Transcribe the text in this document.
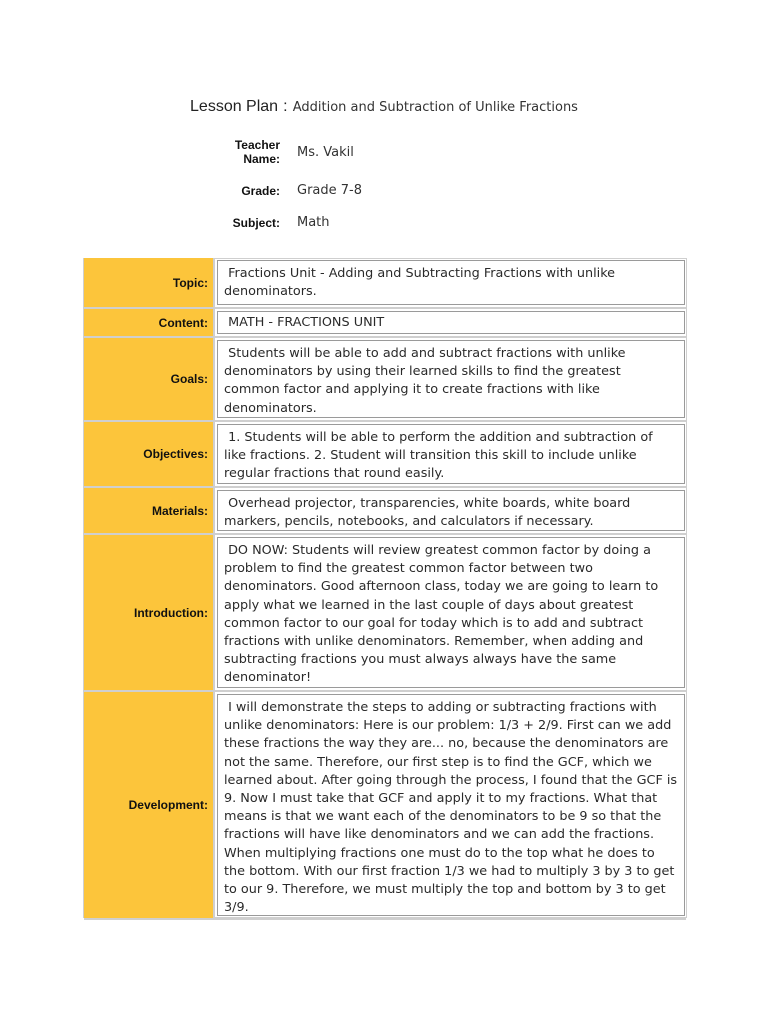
Lesson Plan : Addition and Subtraction of Unlike Fractions
Teacher Name: Ms. Vakil
Grade: Grade 7-8
Subject: Math
Topic:
Fractions Unit - Adding and Subtracting Fractions with unlike denominators.
Content:	MATH - FRACTIONS UNIT
Goals:
Students will be able to add and subtract fractions with unlike denominators by using their learned skills to find the greatest common factor and applying it to create fractions with like denominators.
Objectives:
1. Students will be able to perform the addition and subtraction of like fractions. 2. Student will transition this skill to include unlike regular fractions that round easily.
Materials:	Overhead projector, transparencies, white boards, white board markers, pencils, notebooks, and calculators if necessary.
Introduction:
DO NOW: Students will review greatest common factor by doing a problem to find the greatest common factor between two denominators. Good afternoon class, today we are going to learn to apply what we learned in the last couple of days about greatest common factor to our goal for today which is to add and subtract fractions with unlike denominators. Remember, when adding and subtracting fractions you must always always have the same denominator!
Development:
I will demonstrate the steps to adding or subtracting fractions with unlike denominators: Here is our problem: 1/3 + 2/9. First can we add these fractions the way they are... no, because the denominators are not the same. Therefore, our first step is to find the GCF, which we learned about. After going through the process, I found that the GCF is 9. Now I must take that GCF and apply it to my fractions. What that means is that we want each of the denominators to be 9 so that the fractions will have like denominators and we can add the fractions. When multiplying fractions one must do to the top what he does to the bottom. With our first fraction 1/3 we had to multiply 3 by 3 to get to our 9. Therefore, we must multiply the top and bottom by 3 to get 3/9.
